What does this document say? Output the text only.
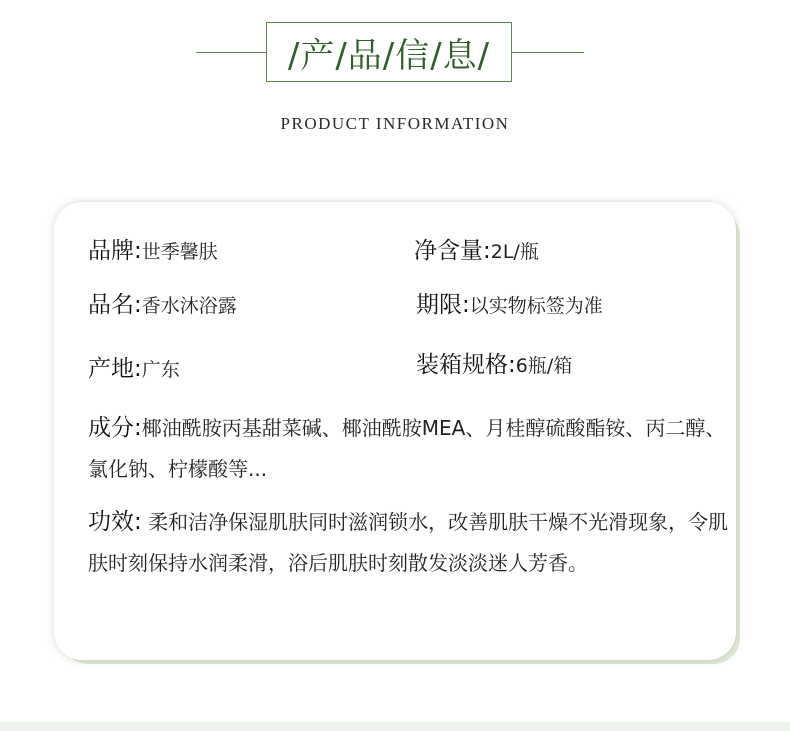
/产/品/信/息/
PRODUCT INFORMATION
品牌:世季馨肤	净含量:2L/瓶
品名:香水沐浴露	期限:以实物标签为准
产地:广东	装箱规格:6瓶/箱
成分:椰油酰胺丙基甜菜碱、椰油酰胺MEA、月桂醇硫酸酯铵、丙二醇、氯化钠、柠檬酸等...
功效: 柔和洁净保湿肌肤同时滋润锁水，改善肌肤干燥不光滑现象，令肌肤时刻保持水润柔滑，浴后肌肤时刻散发淡淡迷人芳香。
